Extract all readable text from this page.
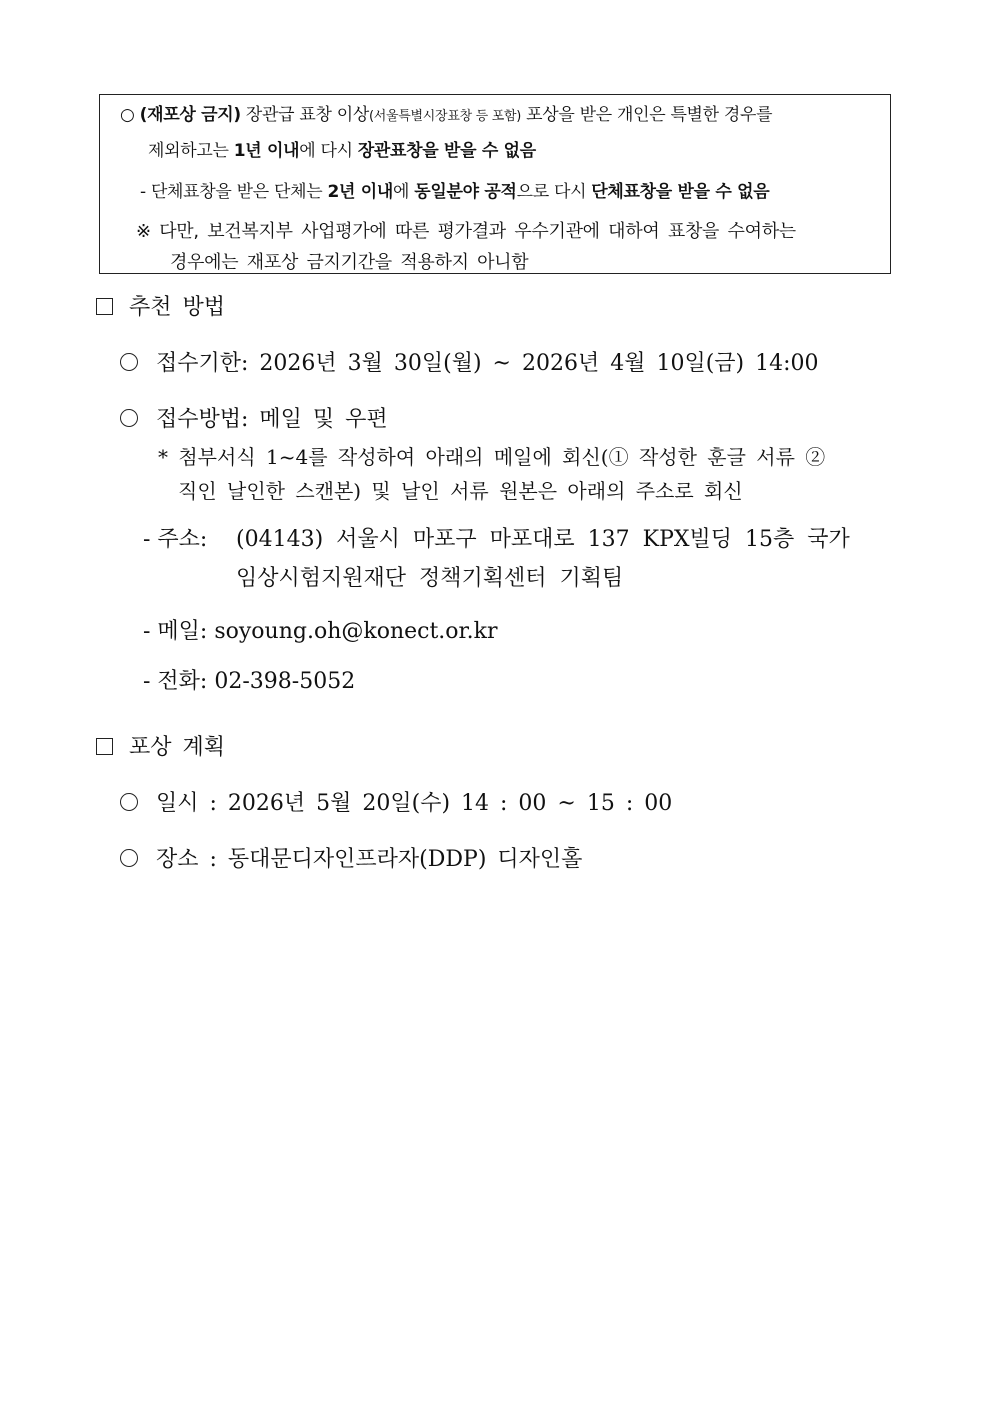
○ (재포상 금지) 장관급 표창 이상(서울특별시장표창 등 포함) 포상을 받은 개인은 특별한 경우를
제외하고는 1년 이내에 다시 장관표창을 받을 수 없음
- 단체표창을 받은 단체는 2년 이내에 동일분야 공적으로 다시 단체표창을 받을 수 없음
※ 다만, 보건복지부 사업평가에 따른 평가결과 우수기관에 대하여 표창을 수여하는
경우에는 재포상 금지기간을 적용하지 아니함
추천 방법
접수기한: 2026년 3월 30일(월) ~ 2026년 4월 10일(금) 14:00
접수방법: 메일 및 우편
* 첨부서식 1~4를 작성하여 아래의 메일에 회신(① 작성한 훈글 서류 ②
직인 날인한 스캔본) 및 날인 서류 원본은 아래의 주소로 회신
- 주소: (04143) 서울시 마포구 마포대로 137 KPX빌딩 15층 국가
임상시험지원재단 정책기획센터 기획팀
- 메일: soyoung.oh@konect.or.kr
- 전화: 02-398-5052
포상 계획
일시 : 2026년 5월 20일(수) 14 : 00 ~ 15 : 00
장소 : 동대문디자인프라자(DDP) 디자인홀
